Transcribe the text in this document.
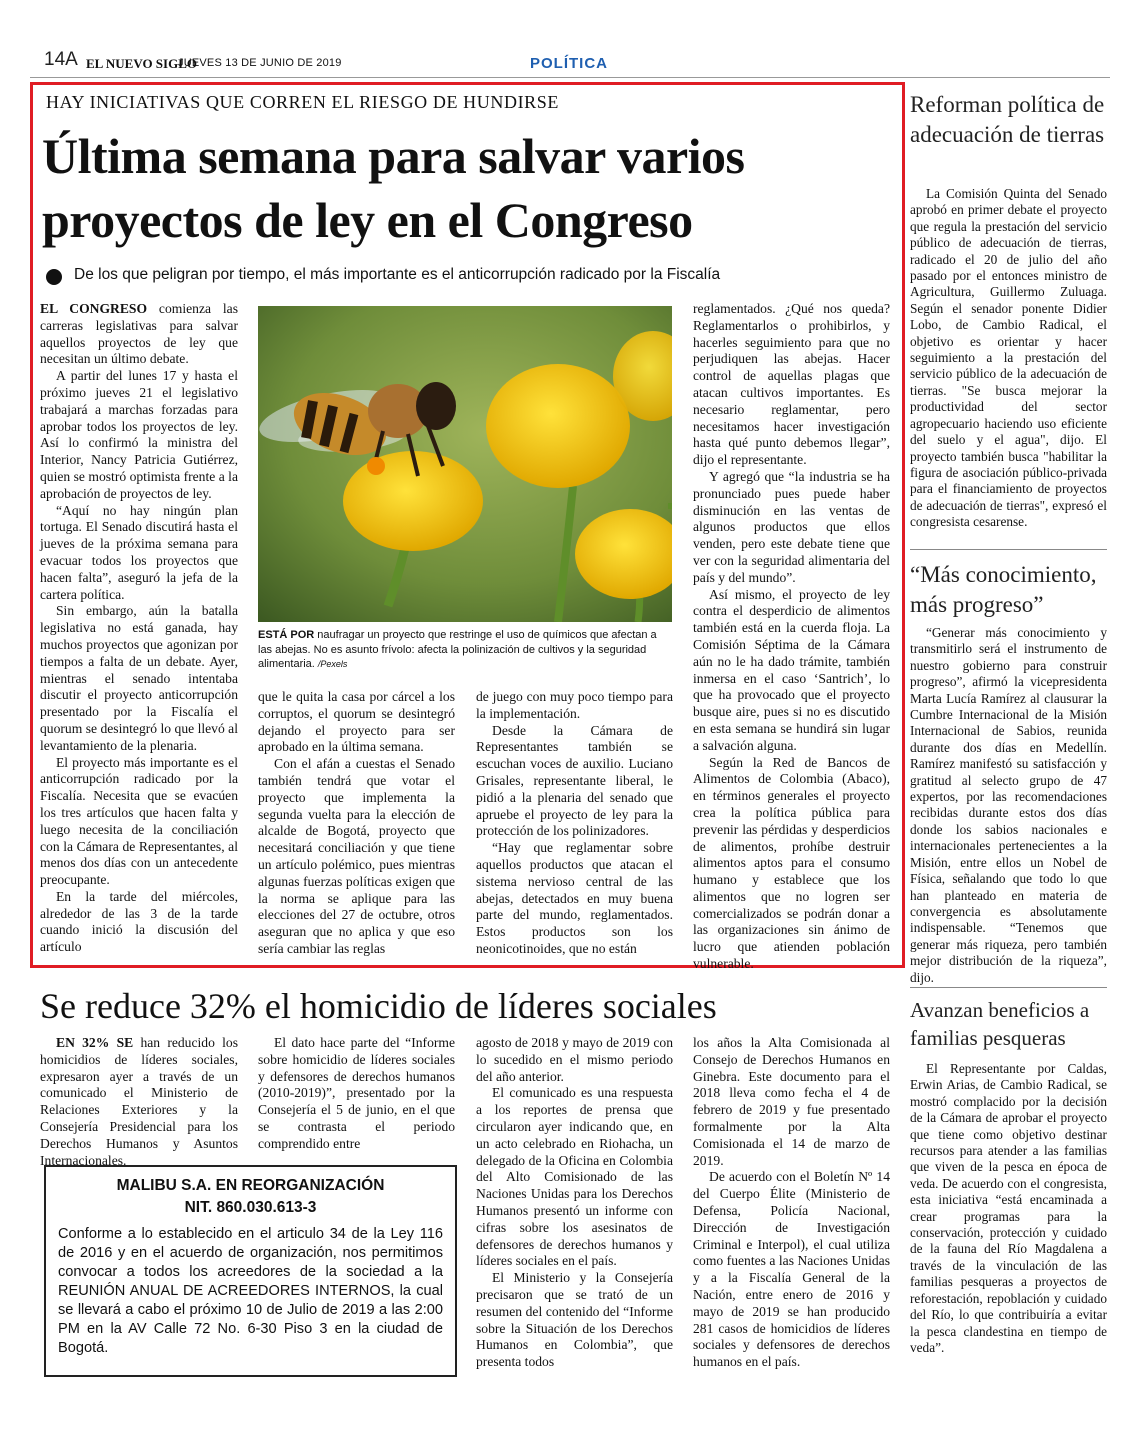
14A EL NUEVO SIGLO
JUEVES 13 DE JUNIO DE 2019	POLÍTICA
HAY INICIATIVAS QUE CORREN EL RIESGO DE HUNDIRSE
Última semana para salvar varios proyectos de ley en el Congreso
De los que peligran por tiempo, el más importante es el anticorrupción radicado por la Fiscalía

EL CONGRESO comienza las carreras legislativas para salvar aquellos proyectos de ley que necesitan un último debate.

A partir del lunes 17 y hasta el próximo jueves 21 el legislativo trabajará a marchas forzadas para aprobar todos los proyectos de ley. Así lo confirmó la ministra del Interior, Nancy Patricia Gutiérrez, quien se mostró optimista frente a la aprobación de proyectos de ley.

“Aquí no hay ningún plan tortuga. El Senado discutirá hasta el jueves de la próxima semana para evacuar todos los proyectos que hacen falta”, aseguró la jefa de la cartera política.

Sin embargo, aún la batalla legislativa no está ganada, hay muchos proyectos que agonizan por tiempos a falta de un debate. Ayer, mientras el senado intentaba discutir el proyecto anticorrupción presentado por la Fiscalía el quorum se desintegró lo que llevó al levantamiento de la plenaria.

El proyecto más importante es el anticorrupción radicado por la Fiscalía. Necesita que se evacúen los tres artículos que hacen falta y luego necesita de la conciliación con la Cámara de Representantes, al menos dos días con un antecedente preocupante.

En la tarde del miércoles, alrededor de las 3 de la tarde cuando inició la discusión del artículo

ESTÁ POR naufragar un proyecto que restringe el uso de químicos que afectan a las abejas. No es asunto frívolo: afecta la polinización de cultivos y la seguridad alimentaria. /Pexels

que le quita la casa por cárcel a los corruptos, el quorum se desintegró dejando el proyecto para ser aprobado en la última semana.

Con el afán a cuestas el Senado también tendrá que votar el proyecto que implementa la segunda vuelta para la elección de alcalde de Bogotá, proyecto que necesitará conciliación y que tiene un artículo polémico, pues mientras algunas fuerzas políticas exigen que la norma se aplique para las elecciones del 27 de octubre, otros aseguran que no aplica y que eso sería cambiar las reglas

de juego con muy poco tiempo para la implementación.

Desde la Cámara de Representantes también se escuchan voces de auxilio. Luciano Grisales, representante liberal, le pidió a la plenaria del senado que apruebe el proyecto de ley para la protección de los polinizadores.

“Hay que reglamentar sobre aquellos productos que atacan el sistema nervioso central de las abejas, detectados en muy buena parte del mundo, reglamentados. Estos productos son los neonicotinoides, que no están

reglamentados. ¿Qué nos queda? Reglamentarlos o prohibirlos, y hacerles seguimiento para que no perjudiquen las abejas. Hacer control de aquellas plagas que atacan cultivos importantes. Es necesario reglamentar, pero necesitamos hacer investigación hasta qué punto debemos llegar”, dijo el representante.

Y agregó que “la industria se ha pronunciado pues puede haber disminución en las ventas de algunos productos que ellos venden, pero este debate tiene que ver con la seguridad alimentaria del país y del mundo”.

Así mismo, el proyecto de ley contra el desperdicio de alimentos también está en la cuerda floja. La Comisión Séptima de la Cámara aún no le ha dado trámite, también inmersa en el caso ‘Santrich’, lo que ha provocado que el proyecto busque aire, pues si no es discutido en esta semana se hundirá sin lugar a salvación alguna.

Según la Red de Bancos de Alimentos de Colombia (Abaco), en términos generales el proyecto crea la política pública para prevenir las pérdidas y desperdicios de alimentos, prohíbe destruir alimentos aptos para el consumo humano y establece que los alimentos que no logren ser comercializados se podrán donar a las organizaciones sin ánimo de lucro que atienden población vulnerable.

Reforman política de adecuación de tierras

La Comisión Quinta del Senado aprobó en primer debate el proyecto que regula la prestación del servicio público de adecuación de tierras, radicado el 20 de julio del año pasado por el entonces ministro de Agricultura, Guillermo Zuluaga. Según el senador ponente Didier Lobo, de Cambio Radical, el objetivo es orientar y hacer seguimiento a la prestación del servicio público de la adecuación de tierras. "Se busca mejorar la productividad del sector agropecuario haciendo uso eficiente del suelo y el agua", dijo. El proyecto también busca "habilitar la figura de asociación público-privada para el financiamiento de proyectos de adecuación de tierras", expresó el congresista cesarense.

“Más conocimiento, más progreso”

“Generar más conocimiento y transmitirlo será el instrumento de nuestro gobierno para construir progreso”, afirmó la vicepresidenta Marta Lucía Ramírez al clausurar la Cumbre Internacional de la Misión Internacional de Sabios, reunida durante dos días en Medellín. Ramírez manifestó su satisfacción y gratitud al selecto grupo de 47 expertos, por las recomendaciones recibidas durante estos dos días donde los sabios nacionales e internacionales pertenecientes a la Misión, entre ellos un Nobel de Física, señalando que todo lo que han planteado en materia de convergencia es absolutamente indispensable. “Tenemos que generar más riqueza, pero también mejor distribución de la riqueza”, dijo.

Avanzan beneficios a familias pesqueras

El Representante por Caldas, Erwin Arias, de Cambio Radical, se mostró complacido por la decisión de la Cámara de aprobar el proyecto que tiene como objetivo destinar recursos para atender a las familias que viven de la pesca en época de veda. De acuerdo con el congresista, esta iniciativa “está encaminada a crear programas para la conservación, protección y cuidado de la fauna del Río Magdalena a través de la vinculación de las familias pesqueras a proyectos de reforestación, repoblación y cuidado del Río, lo que contribuiría a evitar la pesca clandestina en tiempo de veda”.

Se reduce 32% el homicidio de líderes sociales

EN 32% SE han reducido los homicidios de líderes sociales, expresaron ayer a través de un comunicado el Ministerio de Relaciones Exteriores y la Consejería Presidencial para los Derechos Humanos y Asuntos Internacionales.

El dato hace parte del “Informe sobre homicidio de líderes sociales y defensores de derechos humanos (2010-2019)”, presentado por la Consejería el 5 de junio, en el que se contrasta el periodo comprendido entre

agosto de 2018 y mayo de 2019 con lo sucedido en el mismo periodo del año anterior.

El comunicado es una respuesta a los reportes de prensa que circularon ayer indicando que, en un acto celebrado en Riohacha, un delegado de la Oficina en Colombia del Alto Comisionado de las Naciones Unidas para los Derechos Humanos presentó un informe con cifras sobre los asesinatos de defensores de derechos humanos y líderes sociales en el país.

El Ministerio y la Consejería precisaron que se trató de un resumen del contenido del “Informe sobre la Situación de los Derechos Humanos en Colombia”, que presenta todos

los años la Alta Comisionada al Consejo de Derechos Humanos en Ginebra. Este documento para el 2018 lleva como fecha el 4 de febrero de 2019 y fue presentado formalmente por la Alta Comisionada el 14 de marzo de 2019.

De acuerdo con el Boletín Nº 14 del Cuerpo Élite (Ministerio de Defensa, Policía Nacional, Dirección de Investigación Criminal e Interpol), el cual utiliza como fuentes a las Naciones Unidas y a la Fiscalía General de la Nación, entre enero de 2016 y mayo de 2019 se han producido 281 casos de homicidios de líderes sociales y defensores de derechos humanos en el país.

MALIBU S.A. EN REORGANIZACIÓN
NIT. 860.030.613-3
Conforme a lo establecido en el articulo 34 de la Ley 116 de 2016 y en el acuerdo de organización, nos permitimos convocar a todos los acreedores de la sociedad a la REUNIÓN ANUAL DE ACREEDORES INTERNOS, la cual se llevará a cabo el próximo 10 de Julio de 2019 a las 2:00 PM en la AV Calle 72 No. 6-30 Piso 3 en la ciudad de Bogotá.
